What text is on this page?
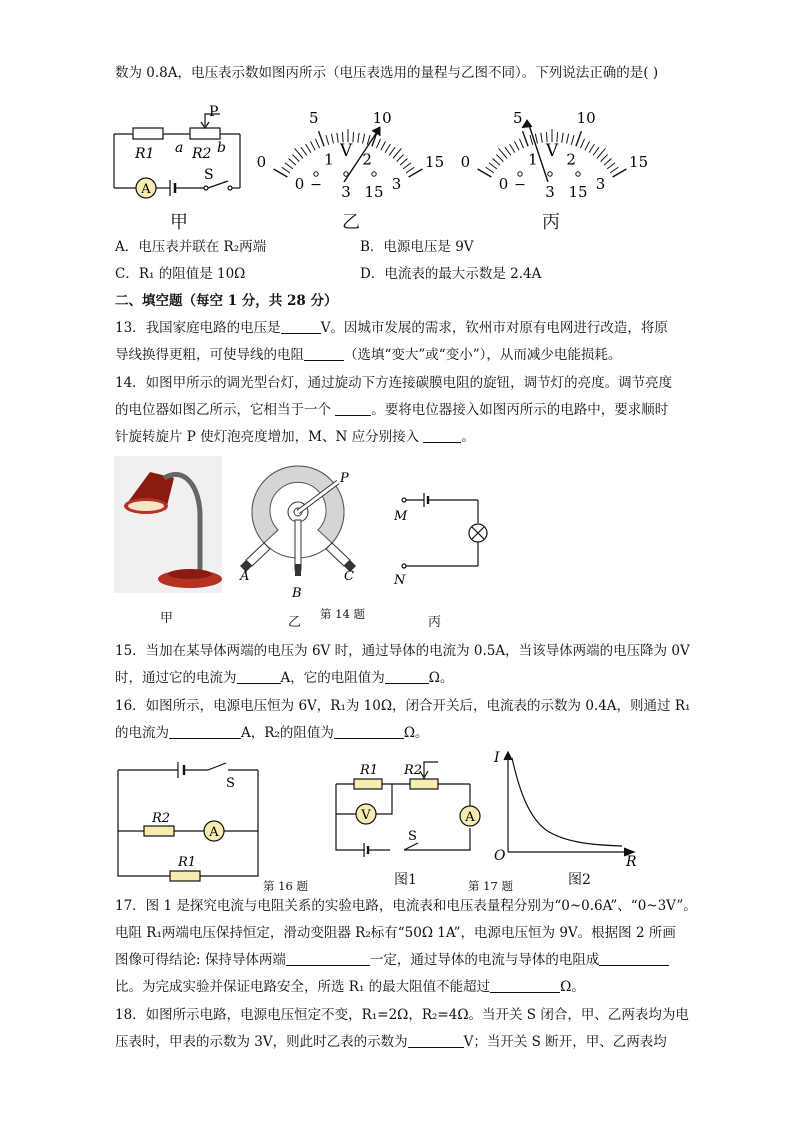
数为 0.8A，电压表示数如图丙所示（电压表选用的量程与乙图不同）。下列说法正确的是( )
A
P
R1 a R2 b
S
甲
0
5	10
15
0
1 2
3
V
− 3 15
乙
0
5	10
15
0
1 2
3
V
− 3 15
丙
A．电压表并联在 R₂两端	B．电源电压是 9V
C．R₁ 的阻值是 10Ω	D．电流表的最大示数是 2.4A
二、填空题（每空 1 分，共 28 分）
13．我国家庭电路的电压是	V。因城市发展的需求，钦州市对原有电网进行改造，将原
导线换得更粗，可使导线的电阻	（选填“变大”或“变小”），从而减少电能损耗。
14．如图甲所示的调光型台灯，通过旋动下方连接碳膜电阻的旋钮，调节灯的亮度。调节亮度
的电位器如图乙所示，它相当于一个	。要将电位器接入如图丙所示的电路中，要求顺时
针旋转旋片 P 使灯泡亮度增加，M、N 应分别接入	。
甲
P
A
B
C
乙
第 14 题
M
N
丙
15．当加在某导体两端的电压为 6V 时，通过导体的电流为 0.5A，当该导体两端的电压降为 0V
时，通过它的电流为	A，它的电阻值为	Ω。
16．如图所示，电源电压恒为 6V，R₁为 10Ω，闭合开关后，电流表的示数为 0.4A，则通过 R₁
的电流为	A，R₂的阻值为	Ω。
S
R2
A
R1
第 16 题
R1 R2
V	A
S
图1	第 17 题
I
O	R
图2
17．图 1 是探究电流与电阻关系的实验电路，电流表和电压表量程分别为“0~0.6A”、“0~3V”。
电阻 R₁两端电压保持恒定，滑动变阻器 R₂标有“50Ω 1A”，电源电压恒为 9V。根据图 2 所画
图像可得结论: 保持导体两端	一定，通过导体的电流与导体的电阻成
比。为完成实验并保证电路安全，所选 R₁ 的最大阻值不能超过	Ω。
18．如图所示电路，电源电压恒定不变，R₁=2Ω，R₂=4Ω。当开关 S 闭合，甲、乙两表均为电
压表时，甲表的示数为 3V，则此时乙表的示数为	V；当开关 S 断开，甲、乙两表均
